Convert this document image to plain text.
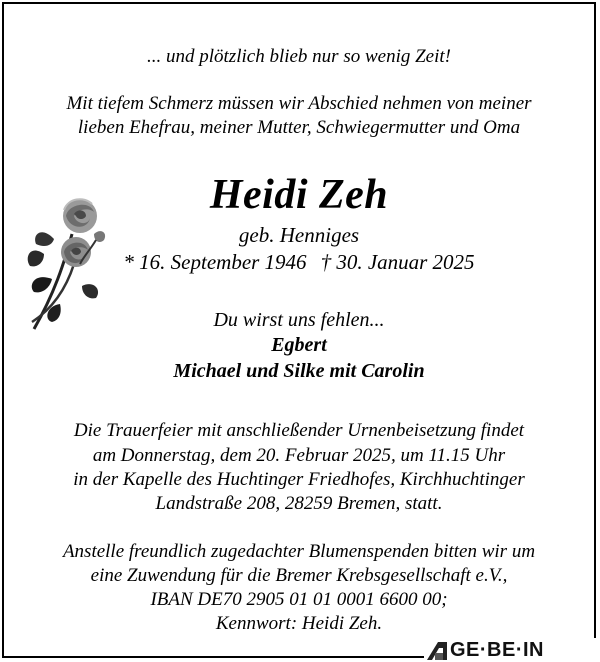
... und plötzlich blieb nur so wenig Zeit!
Mit tiefem Schmerz müssen wir Abschied nehmen von meiner
lieben Ehefrau, meiner Mutter, Schwiegermutter und Oma
Heidi Zeh
geb. Henniges
* 16. September 1946 † 30. Januar 2025
Du wirst uns fehlen...
Egbert
Michael und Silke mit Carolin
Die Trauerfeier mit anschließender Urnenbeisetzung findet
am Donnerstag, dem 20. Februar 2025, um 11.15 Uhr
in der Kapelle des Huchtinger Friedhofes, Kirchhuchtinger
Landstraße 208, 28259 Bremen, statt.
Anstelle freundlich zugedachter Blumenspenden bitten wir um
eine Zuwendung für die Bremer Krebsgesellschaft e.V.,
IBAN DE70 2905 01 01 0001 6600 00;
Kennwort: Heidi Zeh.
GE·BE·IN
